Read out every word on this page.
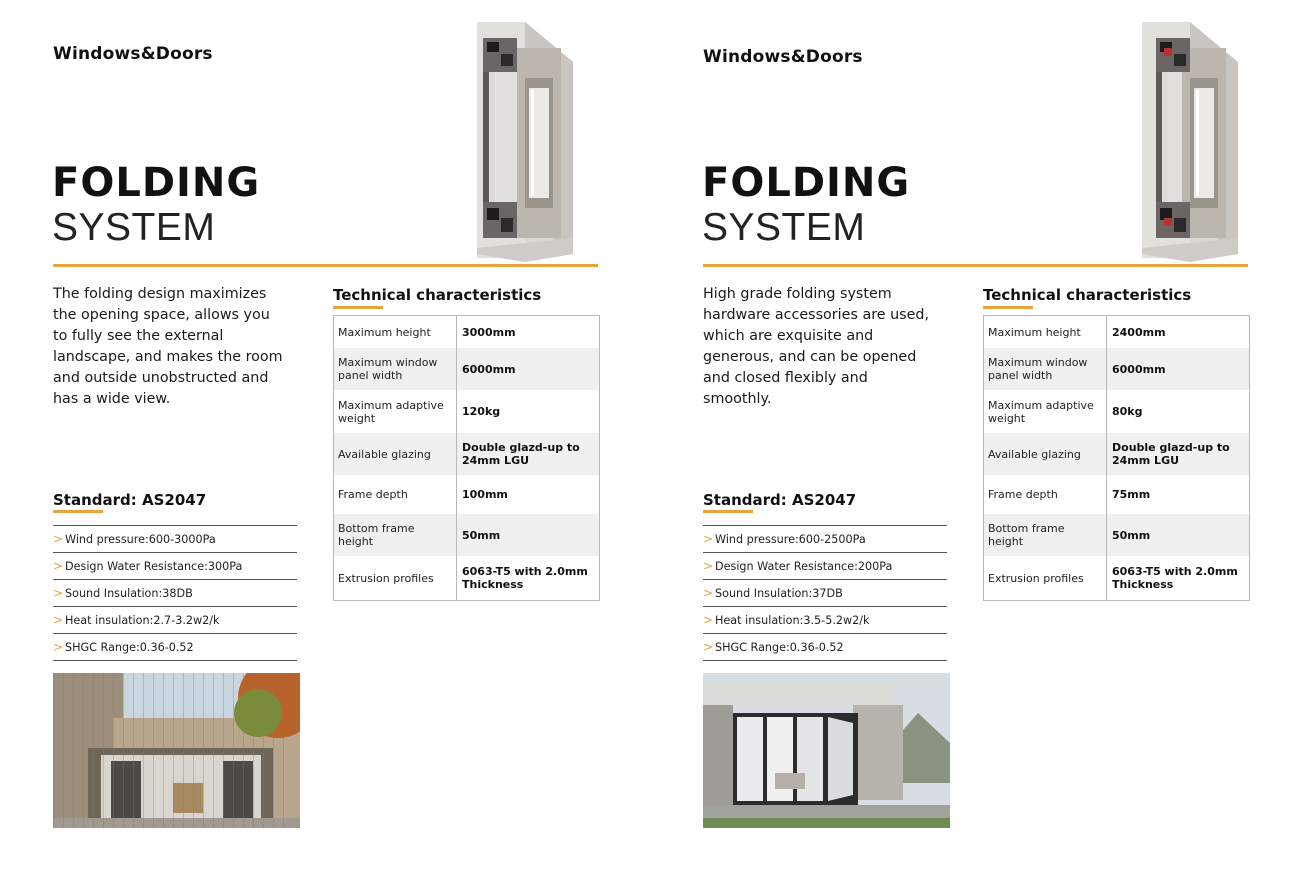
Windows&Doors
FOLDING
SYSTEM
The folding design maximizes the opening space, allows you to fully see the external landscape, and makes the room and outside unobstructed and has a wide view.
Technical characteristics
Maximum height	3000mm
Maximum window panel width	6000mm
Maximum adaptive weight	120kg
Available glazing	Double glazd-up to 24mm LGU
Frame depth	100mm
Bottom frame height	50mm
Extrusion profiles	6063-T5 with 2.0mm Thickness
Standard: AS2047
> Wind pressure:600-3000Pa
> Design Water Resistance:300Pa
> Sound Insulation:38DB
> Heat insulation:2.7-3.2w2/k
> SHGC Range:0.36-0.52
Windows&Doors
FOLDING
SYSTEM
High grade folding system hardware accessories are used, which are exquisite and generous, and can be opened and closed flexibly and smoothly.
Technical characteristics
Maximum height	2400mm
Maximum window panel width	6000mm
Maximum adaptive weight	80kg
Available glazing	Double glazd-up to 24mm LGU
Frame depth	75mm
Bottom frame height	50mm
Extrusion profiles	6063-T5 with 2.0mm Thickness
Standard: AS2047
> Wind pressure:600-2500Pa
> Design Water Resistance:200Pa
> Sound Insulation:37DB
> Heat insulation:3.5-5.2w2/k
> SHGC Range:0.36-0.52
